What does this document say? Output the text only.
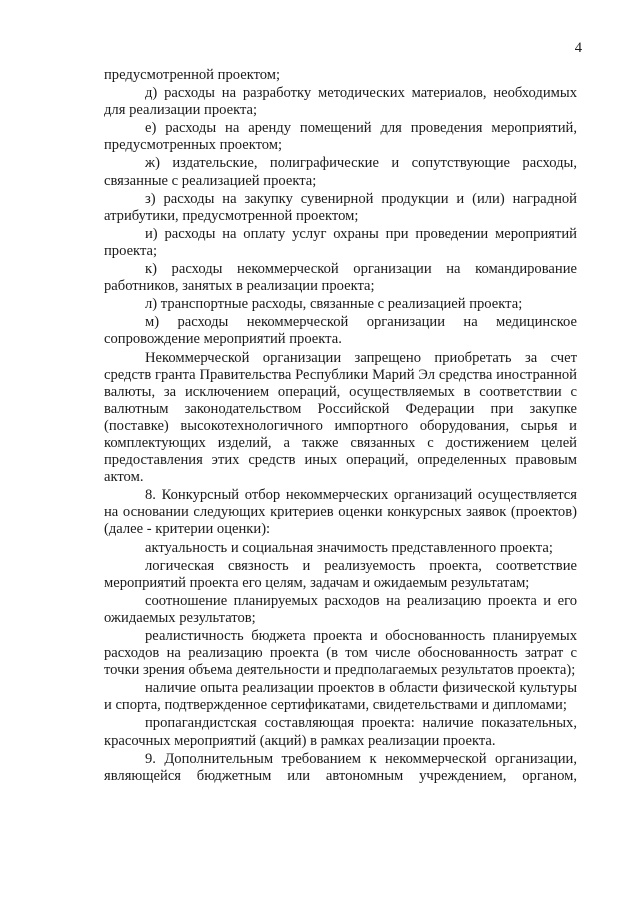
4

предусмотренной проектом;

д) расходы на разработку методических материалов, необходимых для реализации проекта;

е) расходы на аренду помещений для проведения мероприятий, предусмотренных проектом;

ж) издательские, полиграфические и сопутствующие расходы, связанные с реализацией проекта;

з) расходы на закупку сувенирной продукции и (или) наградной атрибутики, предусмотренной проектом;

и) расходы на оплату услуг охраны при проведении мероприятий проекта;

к) расходы некоммерческой организации на командирование работников, занятых в реализации проекта;

л) транспортные расходы, связанные с реализацией проекта;

м) расходы некоммерческой организации на медицинское сопровождение мероприятий проекта.

Некоммерческой организации запрещено приобретать за счет средств гранта Правительства Республики Марий Эл средства иностранной валюты, за исключением операций, осуществляемых в соответствии с валютным законодательством Российской Федерации при закупке (поставке) высокотехнологичного импортного оборудования, сырья и комплектующих изделий, а также связанных с достижением целей предоставления этих средств иных операций, определенных правовым актом.

8. Конкурсный отбор некоммерческих организаций осуществляется на основании следующих критериев оценки конкурсных заявок (проектов) (далее - критерии оценки):

актуальность и социальная значимость представленного проекта;

логическая связность и реализуемость проекта, соответствие мероприятий проекта его целям, задачам и ожидаемым результатам;

соотношение планируемых расходов на реализацию проекта и его ожидаемых результатов;

реалистичность бюджета проекта и обоснованность планируемых расходов на реализацию проекта (в том числе обоснованность затрат с точки зрения объема деятельности и предполагаемых результатов проекта);

наличие опыта реализации проектов в области физической культуры и спорта, подтвержденное сертификатами, свидетельствами и дипломами;

пропагандистская составляющая проекта: наличие показательных, красочных мероприятий (акций) в рамках реализации проекта.

9. Дополнительным требованием к некоммерческой организации, являющейся бюджетным или автономным учреждением, органом,
